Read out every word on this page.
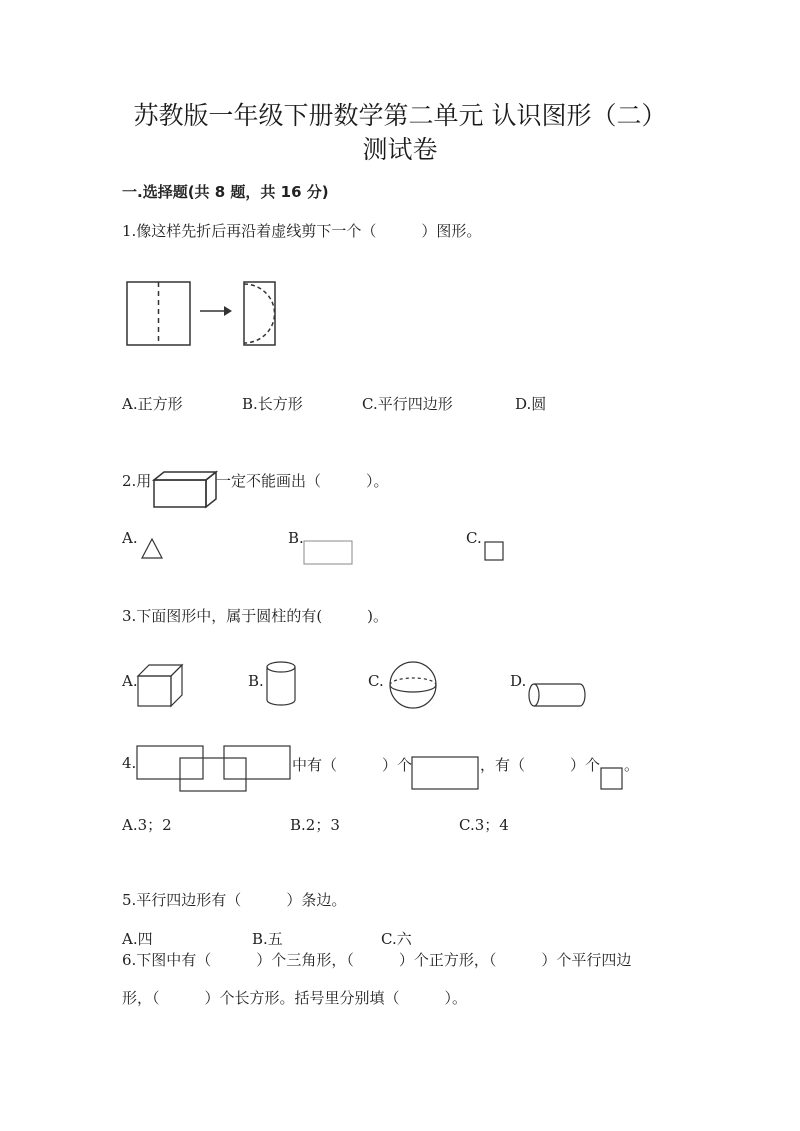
苏教版一年级下册数学第二单元 认识图形（二）
测试卷
一.选择题(共 8 题，共 16 分)
1.像这样先折后再沿着虚线剪下一个（　　　）图形。
A.正方形	B.长方形	C.平行四边形	D.圆
2.用	一定不能画出（　　　）。
A.	B.	C.
3.下面图形中，属于圆柱的有(　　　)。
A.	B.	C.	D.
4.	中有（　　　）个	，有（　　　）个 。
A.3；2	B.2；3	C.3；4
5.平行四边形有（　　　）条边。
A.四	B.五	C.六
6.下图中有（　　　）个三角形，（　　　）个正方形，（　　　）个平行四边
形，（　　　）个长方形。括号里分别填（　　　）。
